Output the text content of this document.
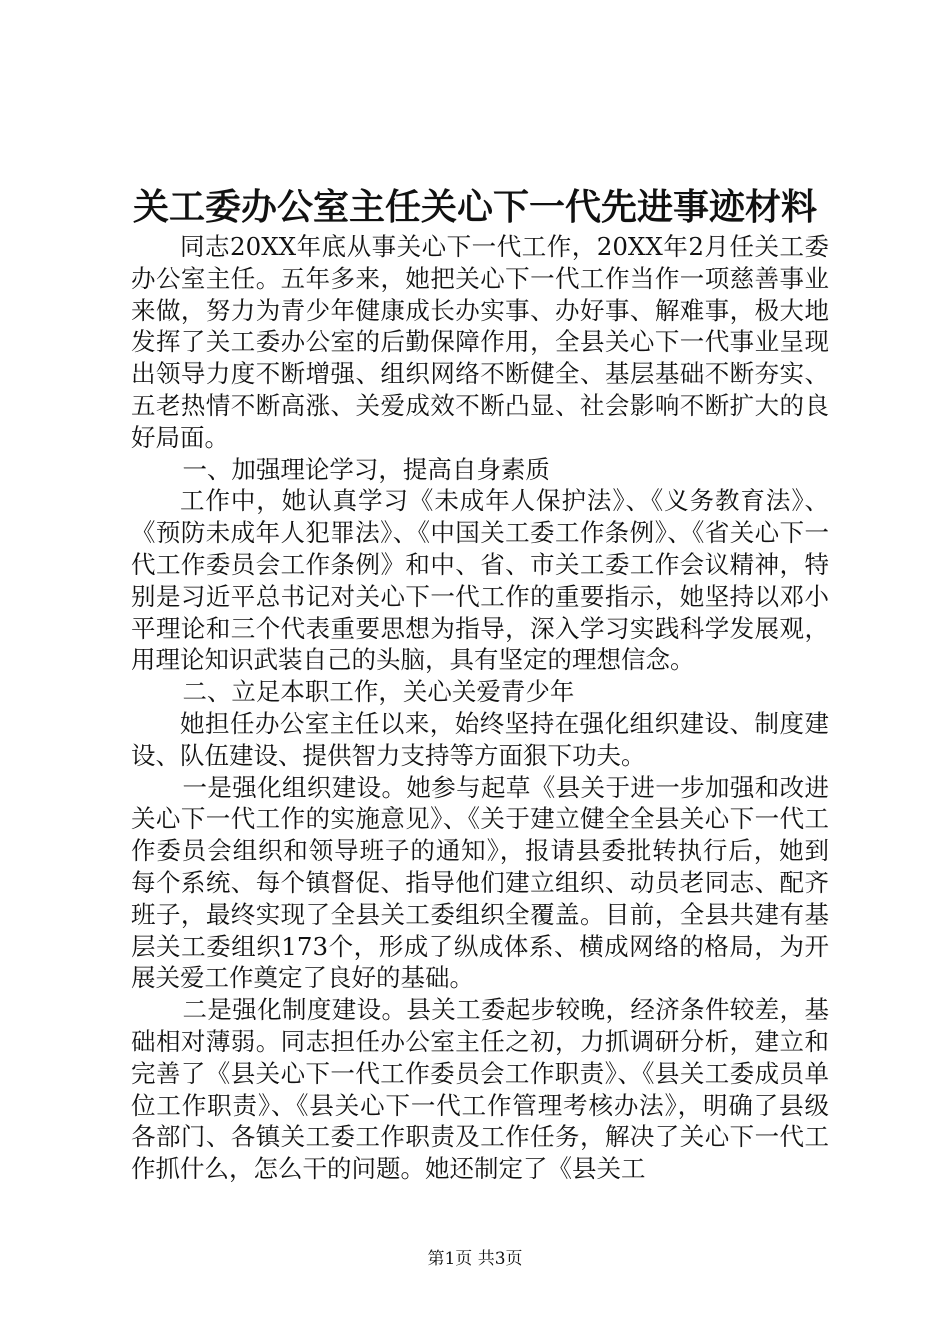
关工委办公室主任关心下一代先进事迹材料

同志20XX年底从事关心下一代工作，20XX年2月任关工委办公室主任。五年多来，她把关心下一代工作当作一项慈善事业来做，努力为青少年健康成长办实事、办好事、解难事，极大地发挥了关工委办公室的后勤保障作用，全县关心下一代事业呈现出领导力度不断增强、组织网络不断健全、基层基础不断夯实、五老热情不断高涨、关爱成效不断凸显、社会影响不断扩大的良好局面。

一、加强理论学习，提高自身素质

工作中，她认真学习《未成年人保护法》、《义务教育法》、《预防未成年人犯罪法》、《中国关工委工作条例》、《省关心下一代工作委员会工作条例》和中、省、市关工委工作会议精神，特别是习近平总书记对关心下一代工作的重要指示，她坚持以邓小平理论和三个代表重要思想为指导，深入学习实践科学发展观，用理论知识武装自己的头脑，具有坚定的理想信念。

二、立足本职工作，关心关爱青少年

她担任办公室主任以来，始终坚持在强化组织建设、制度建设、队伍建设、提供智力支持等方面狠下功夫。

一是强化组织建设。她参与起草《县关于进一步加强和改进关心下一代工作的实施意见》、《关于建立健全全县关心下一代工作委员会组织和领导班子的通知》，报请县委批转执行后，她到每个系统、每个镇督促、指导他们建立组织、动员老同志、配齐班子，最终实现了全县关工委组织全覆盖。目前，全县共建有基层关工委组织173个，形成了纵成体系、横成网络的格局，为开展关爱工作奠定了良好的基础。

二是强化制度建设。县关工委起步较晚，经济条件较差，基础相对薄弱。同志担任办公室主任之初，力抓调研分析，建立和完善了《县关心下一代工作委员会工作职责》、《县关工委成员单位工作职责》、《县关心下一代工作管理考核办法》，明确了县级各部门、各镇关工委工作职责及工作任务，解决了关心下一代工作抓什么，怎么干的问题。她还制定了《县关工

第1页 共3页
